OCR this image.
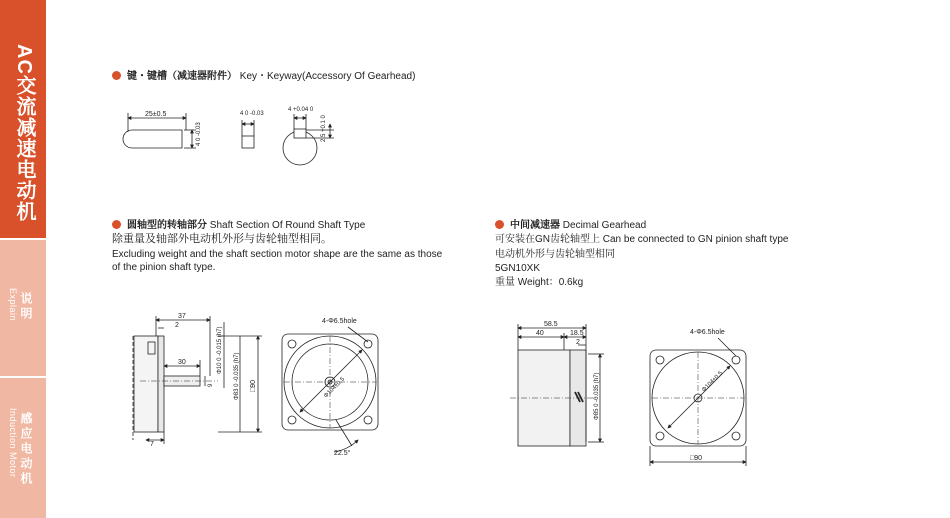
AC交流减速电动机
说明
Explain
感应电动机
Induction Motor
键・键槽（减速器附件） Key・Keyway(Accessory Of Gearhead)
圆轴型的转轴部分 Shaft Section Of Round Shaft Type
除重量及轴部外电动机外形与齿轮轴型相同。
Excluding weight and the shaft section motor shape are the same as those
of the pinion shaft type.
中间减速器 Decimal Gearhead
可安装在GN齿轮轴型上 Can be connected to GN pinion shaft type
电动机外形与齿轮轴型相同
5GN10XK
重量 Weight：0.6kg
25±0.5
4 0 -0.03
4 0 -0.03
4 +0.04 0
2.5 +0.1 0
37
2
30
9
7
Φ10 0 -0.015 (h7)
Φ83 0 -0.035 (h7) □90
4-Φ6.5hole
Φ104±0.5
22.5°
58.5
40	18.5
2
Φ85 0 -0.035 (h7)
4-Φ6.5hole
Φ104±0.5
□90
